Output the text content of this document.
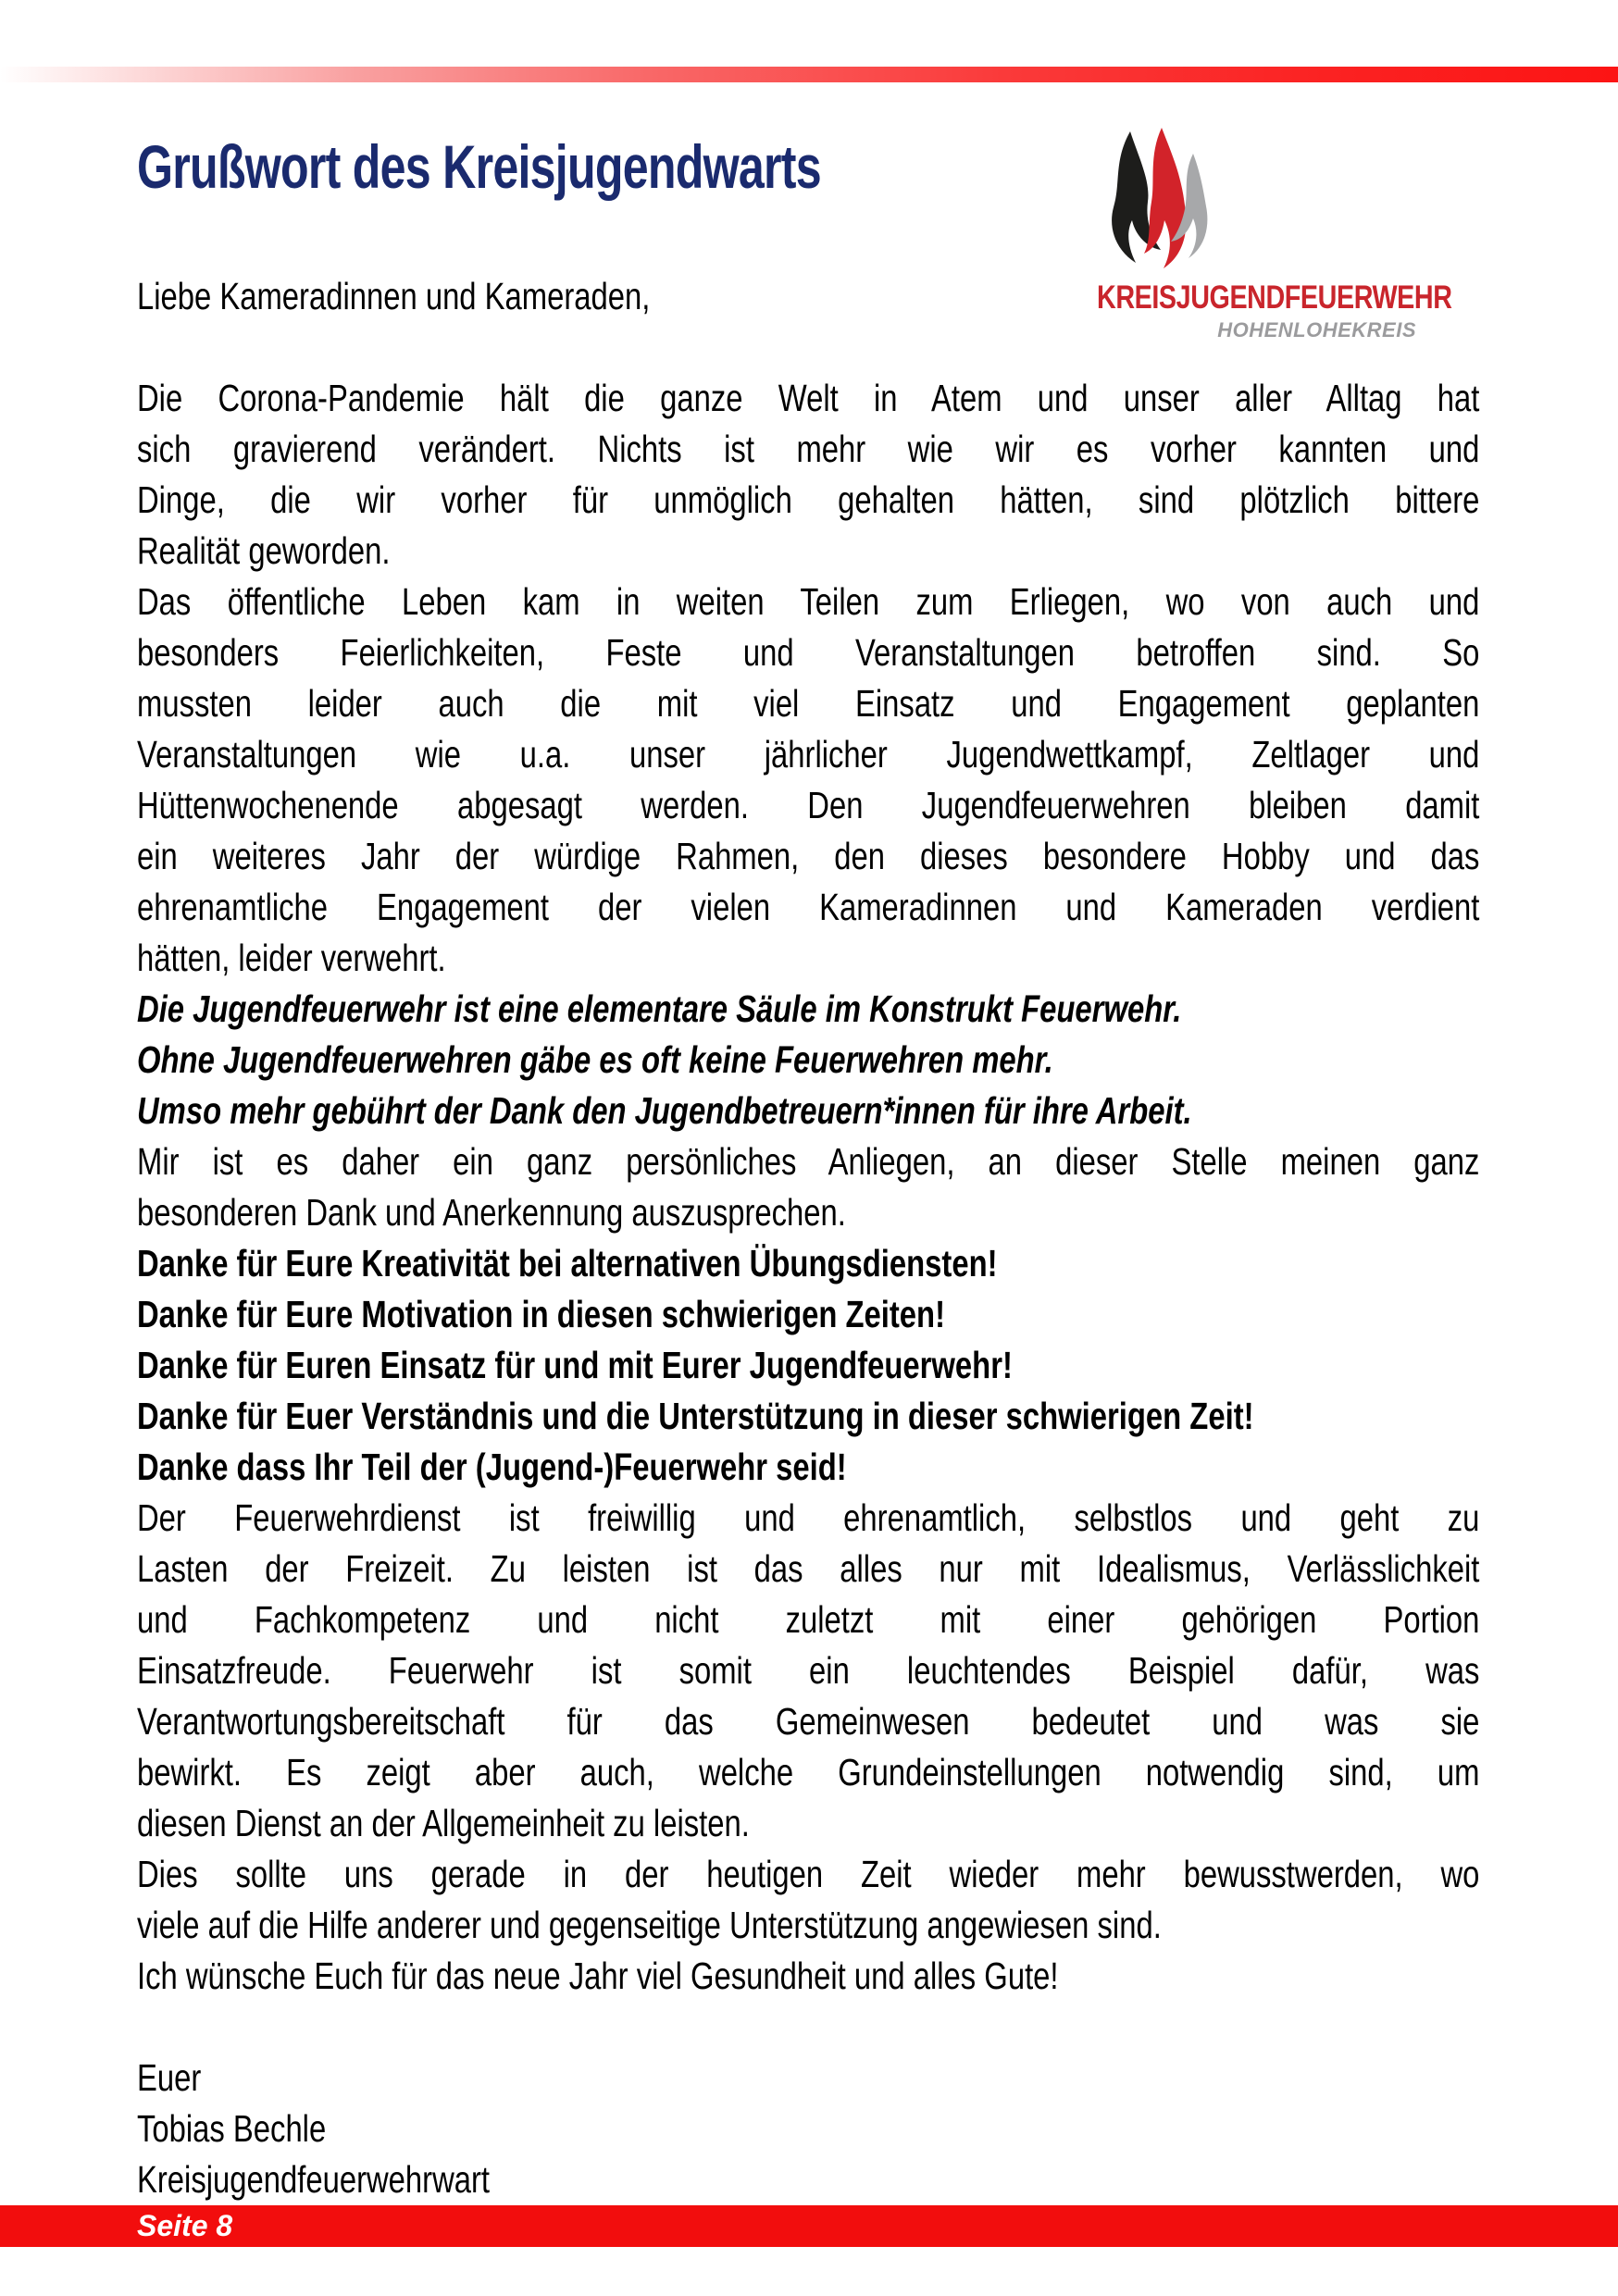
Grußwort des Kreisjugendwarts
KREISJUGENDFEUERWEHR
HOHENLOHEKREIS
Liebe Kameradinnen und Kameraden,
Die Corona-Pandemie hält die ganze Welt in Atem und unser aller Alltag hat
sich gravierend verändert. Nichts ist mehr wie wir es vorher kannten und
Dinge, die wir vorher für unmöglich gehalten hätten, sind plötzlich bittere
Realität geworden.
Das öffentliche Leben kam in weiten Teilen zum Erliegen, wo von auch und
besonders Feierlichkeiten, Feste und Veranstaltungen betroffen sind. So
mussten leider auch die mit viel Einsatz und Engagement geplanten
Veranstaltungen wie u.a. unser jährlicher Jugendwettkampf, Zeltlager und
Hüttenwochenende abgesagt werden. Den Jugendfeuerwehren bleiben damit
ein weiteres Jahr der würdige Rahmen, den dieses besondere Hobby und das
ehrenamtliche Engagement der vielen Kameradinnen und Kameraden verdient
hätten, leider verwehrt.
Die Jugendfeuerwehr ist eine elementare Säule im Konstrukt Feuerwehr.
Ohne Jugendfeuerwehren gäbe es oft keine Feuerwehren mehr.
Umso mehr gebührt der Dank den Jugendbetreuern*innen für ihre Arbeit.
Mir ist es daher ein ganz persönliches Anliegen, an dieser Stelle meinen ganz
besonderen Dank und Anerkennung auszusprechen.
Danke für Eure Kreativität bei alternativen Übungsdiensten!
Danke für Eure Motivation in diesen schwierigen Zeiten!
Danke für Euren Einsatz für und mit Eurer Jugendfeuerwehr!
Danke für Euer Verständnis und die Unterstützung in dieser schwierigen Zeit!
Danke dass Ihr Teil der (Jugend-)Feuerwehr seid!
Der Feuerwehrdienst ist freiwillig und ehrenamtlich, selbstlos und geht zu
Lasten der Freizeit. Zu leisten ist das alles nur mit Idealismus, Verlässlichkeit
und Fachkompetenz und nicht zuletzt mit einer gehörigen Portion
Einsatzfreude. Feuerwehr ist somit ein leuchtendes Beispiel dafür, was
Verantwortungsbereitschaft für das Gemeinwesen bedeutet und was sie
bewirkt. Es zeigt aber auch, welche Grundeinstellungen notwendig sind, um
diesen Dienst an der Allgemeinheit zu leisten.
Dies sollte uns gerade in der heutigen Zeit wieder mehr bewusstwerden, wo
viele auf die Hilfe anderer und gegenseitige Unterstützung angewiesen sind.
Ich wünsche Euch für das neue Jahr viel Gesundheit und alles Gute!
Euer
Tobias Bechle
Kreisjugendfeuerwehrwart
Seite 8
